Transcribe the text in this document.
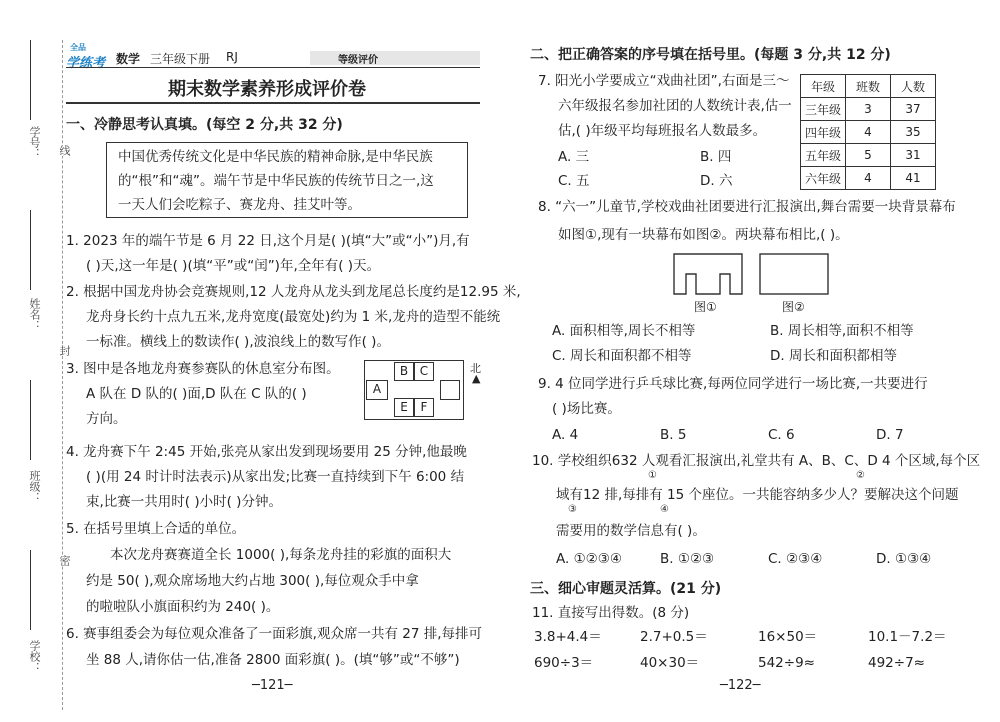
学号：
姓名：
班级：
学校：
线
封
密
全品
学练考 数学 三年级下册 RJ	等级评价
期末数学素养形成评价卷
一、冷静思考认真填。(每空 2 分,共 32 分)
中国优秀传统文化是中华民族的精神命脉,是中华民族
的“根”和“魂”。端午节是中华民族的传统节日之一,这
一天人们会吃粽子、赛龙舟、挂艾叶等。
1. 2023 年的端午节是 6 月 22 日,这个月是( )(填“大”或“小”)月,有
( )天,这一年是( )(填“平”或“闰”)年,全年有( )天。
2. 根据中国龙舟协会竞赛规则,12 人龙舟从龙头到龙尾总长度约是12.95 米,
龙舟身长约十点九五米,龙舟宽度(最宽处)约为 1 米,龙舟的造型不能统
一标准。横线上的数读作( ),波浪线上的数写作( )。
3. 图中是各地龙舟赛参赛队的休息室分布图。
A 队在 D 队的( )面,D 队在 C 队的( )
方向。
B C
A
E	F
北
▲
4. 龙舟赛下午 2:45 开始,张亮从家出发到现场要用 25 分钟,他最晚
( )(用 24 时计时法表示)从家出发;比赛一直持续到下午 6:00 结
束,比赛一共用时( )小时( )分钟。
5. 在括号里填上合适的单位。
本次龙舟赛赛道全长 1000( ),每条龙舟挂的彩旗的面积大
约是 50( ),观众席场地大约占地 300( ),每位观众手中拿
的啦啦队小旗面积约为 240( )。
6. 赛事组委会为每位观众准备了一面彩旗,观众席一共有 27 排,每排可
坐 88 人,请你估一估,准备 2800 面彩旗( )。(填“够”或“不够”)
─121─
二、把正确答案的序号填在括号里。(每题 3 分,共 12 分)
7. 阳光小学要成立“戏曲社团”,右面是三～
六年级报名参加社团的人数统计表,估一
估,( )年级平均每班报名人数最多。
A. 三	B. 四
C. 五	D. 六
年级	班数	人数
三年级	3	37
四年级	4	35
五年级	5	31
六年级	4	41
8. “六一”儿童节,学校戏曲社团要进行汇报演出,舞台需要一块背景幕布
如图①,现有一块幕布如图②。两块幕布相比,( )。
图①	图②
A. 面积相等,周长不相等	B. 周长相等,面积不相等
C. 周长和面积都不相等	D. 周长和面积都相等
9. 4 位同学进行乒乓球比赛,每两位同学进行一场比赛,一共要进行
( )场比赛。
A. 4	B. 5	C. 6	D. 7
10. 学校组织632 人观看汇报演出,礼堂共有 A、B、C、D 4 个区域,每个区
①	②
域有12 排,每排有 15 个座位。一共能容纳多少人？要解决这个问题
③	④
需要用的数学信息有( )。
A. ①②③④	B. ①②③	C. ②③④	D. ①③④
三、细心审题灵活算。(21 分)
11. 直接写出得数。(8 分)
3.8+4.4＝	2.7+0.5＝	16×50＝	10.1－7.2＝
690÷3＝	40×30＝	542÷9≈	492÷7≈
─122─
